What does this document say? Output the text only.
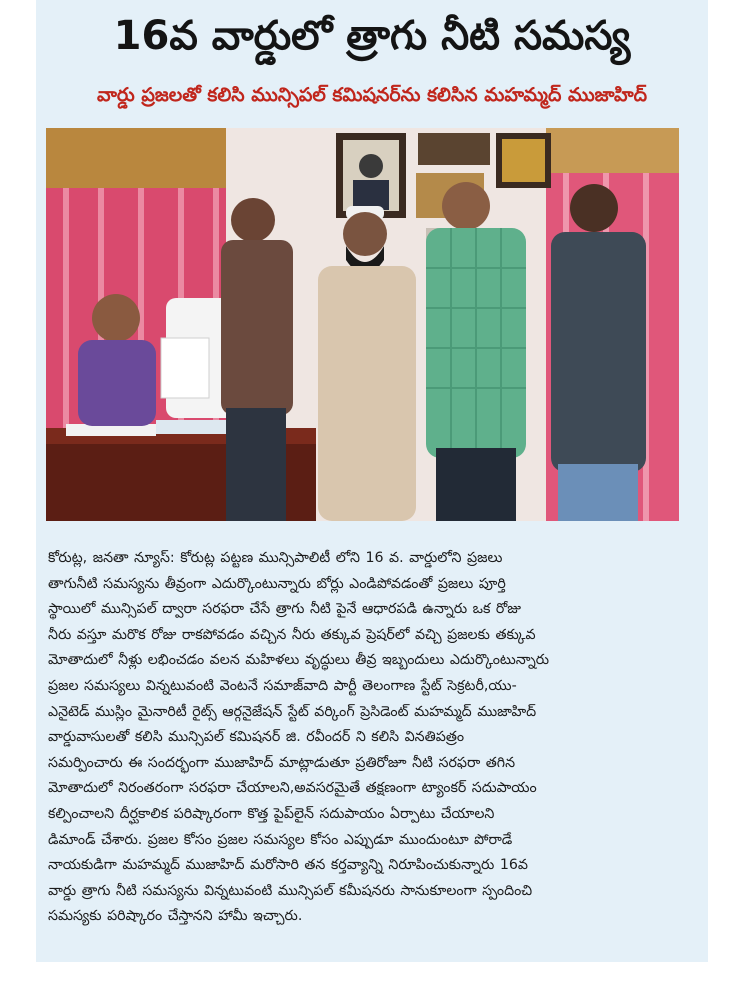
16వ వార్డులో త్రాగు నీటి సమస్య
వార్డు ప్రజలతో కలిసి మున్సిపల్ కమిషనర్‌ను కలిసిన మహమ్మద్ ముజాహిద్
కోరుట్ల, జనతా న్యూస్: కోరుట్ల పట్టణ మున్సిపాలిటీ లోని 16 వ. వార్డులోని ప్రజలు
తాగునీటి సమస్యను తీవ్రంగా ఎదుర్కొంటున్నారు బోర్లు ఎండిపోవడంతో ప్రజలు పూర్తి
స్థాయిలో మున్సిపల్ ద్వారా సరఫరా చేసే త్రాగు నీటి పైనే ఆధారపడి ఉన్నారు ఒక రోజు
నీరు వస్తూ మరొక రోజు రాకపోవడం వచ్చిన నీరు తక్కువ ప్రెషర్‌లో వచ్చి ప్రజలకు తక్కువ
మోతాదులో నీళ్లు లభించడం వలన మహిళలు వృద్ధులు తీవ్ర ఇబ్బందులు ఎదుర్కొంటున్నారు
ప్రజల సమస్యలు విన్నటువంటి వెంటనే సమాజ్‌వాది పార్టీ తెలంగాణ స్టేట్ సెక్రటరీ,యు-
ఎనైటెడ్ ముస్లిం మైనారిటీ రైట్స్ ఆర్గనైజేషన్ స్టేట్ వర్కింగ్ ప్రెసిడెంట్ మహమ్మద్ ముజాహిద్
వార్డువాసులతో కలిసి మున్సిపల్ కమిషనర్ జి. రవీందర్ ని కలిసి వినతిపత్రం
సమర్పించారు ఈ సందర్భంగా ముజాహిద్ మాట్లాడుతూ ప్రతిరోజూ నీటి సరఫరా తగిన
మోతాదులో నిరంతరంగా సరఫరా చేయాలని,అవసరమైతే తక్షణంగా ట్యాంకర్ సదుపాయం
కల్పించాలని దీర్ఘకాలిక పరిష్కారంగా కొత్త పైప్‌లైన్ సదుపాయం ఏర్పాటు చేయాలని
డిమాండ్ చేశారు. ప్రజల కోసం ప్రజల సమస్యల కోసం ఎప్పుడూ ముందుంటూ పోరాడే
నాయకుడిగా మహమ్మద్ ముజాహిద్ మరోసారి తన కర్తవ్యాన్ని నిరూపించుకున్నారు 16వ
వార్డు త్రాగు నీటి సమస్యను విన్నటువంటి మున్సిపల్ కమీషనరు సానుకూలంగా స్పందించి
సమస్యకు పరిష్కారం చేస్తానని హామీ ఇచ్చారు.
